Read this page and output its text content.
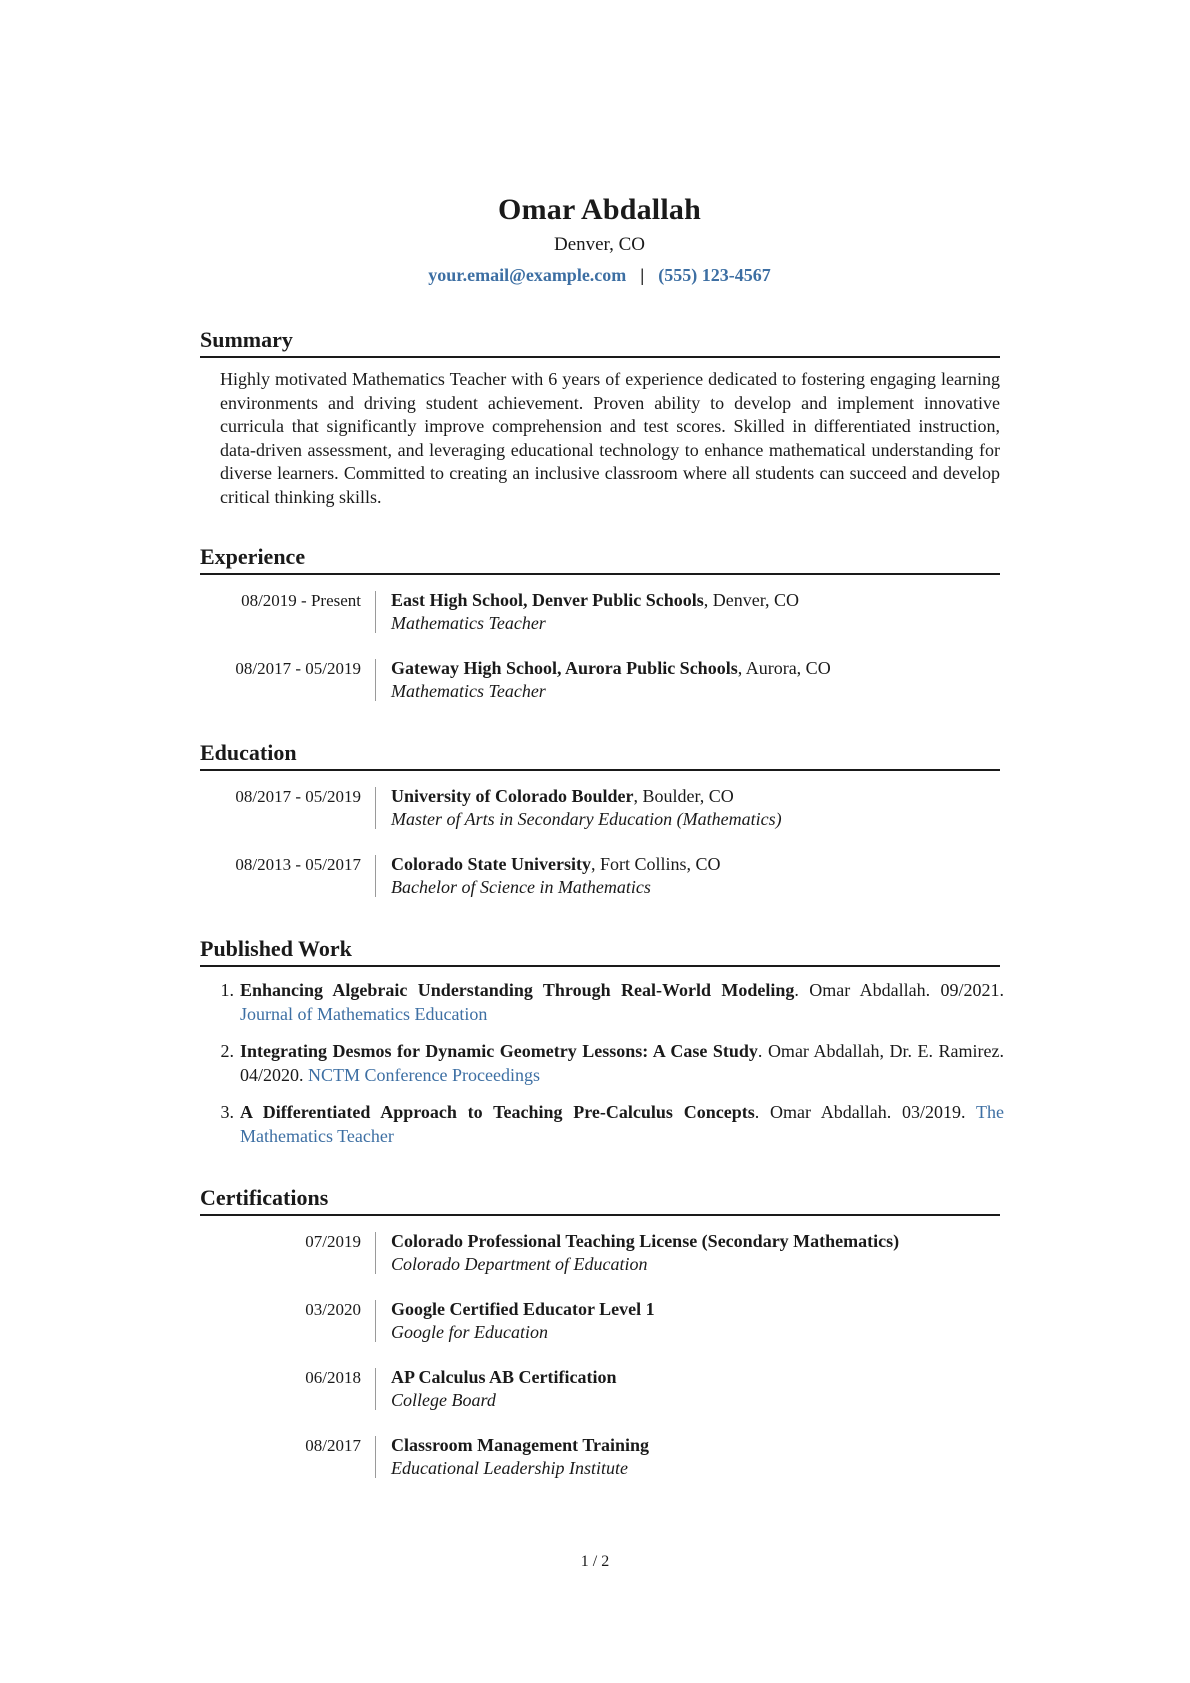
Omar Abdallah
Denver, CO
your.email@example.com | (555) 123-4567
Summary

Highly motivated Mathematics Teacher with 6 years of experience dedicated to fostering engaging learning environments and driving student achievement. Proven ability to develop and implement innovative curricula that significantly improve comprehension and test scores. Skilled in differentiated instruction, data-driven assessment, and leveraging educational technology to enhance mathematical understanding for diverse learners. Committed to creating an inclusive classroom where all students can succeed and develop critical thinking skills.

Experience
08/2019 - Present	East High School, Denver Public Schools, Denver, CO
Mathematics Teacher
08/2017 - 05/2019	Gateway High School, Aurora Public Schools, Aurora, CO
Mathematics Teacher
Education
08/2017 - 05/2019	University of Colorado Boulder, Boulder, CO
Master of Arts in Secondary Education (Mathematics)
08/2013 - 05/2017	Colorado State University, Fort Collins, CO
Bachelor of Science in Mathematics
Published Work
1. Enhancing Algebraic Understanding Through Real-World Modeling. Omar Abdallah. 09/2021. Journal of Mathematics Education
2. Integrating Desmos for Dynamic Geometry Lessons: A Case Study. Omar Abdallah, Dr. E. Ramirez. 04/2020. NCTM Conference Proceedings
3. A Differentiated Approach to Teaching Pre-Calculus Concepts. Omar Abdallah. 03/2019. The Mathematics Teacher
Certifications
07/2019	Colorado Professional Teaching License (Secondary Mathematics)
Colorado Department of Education
03/2020	Google Certified Educator Level 1
Google for Education
06/2018	AP Calculus AB Certification
College Board
08/2017	Classroom Management Training
Educational Leadership Institute
1 / 2
